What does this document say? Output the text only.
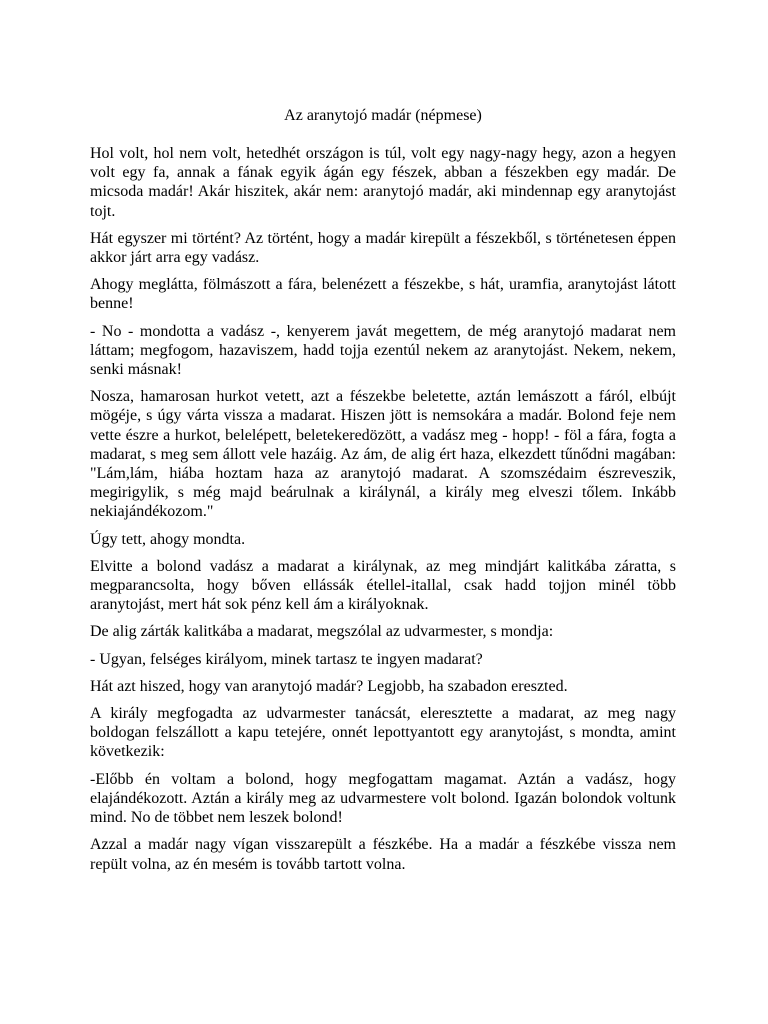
Az aranytojó madár (népmese)

Hol volt, hol nem volt, hetedhét országon is túl, volt egy nagy-nagy hegy, azon a hegyen volt egy fa, annak a fának egyik ágán egy fészek, abban a fészekben egy madár. De micsoda madár! Akár hiszitek, akár nem: aranytojó madár, aki mindennap egy aranytojást tojt.

Hát egyszer mi történt? Az történt, hogy a madár kirepült a fészekből, s történetesen éppen akkor járt arra egy vadász.

Ahogy meglátta, fölmászott a fára, belenézett a fészekbe, s hát, uramfia, aranytojást látott benne!

- No - mondotta a vadász -, kenyerem javát megettem, de még aranytojó madarat nem láttam; megfogom, hazaviszem, hadd tojja ezentúl nekem az aranytojást. Nekem, nekem, senki másnak!

Nosza, hamarosan hurkot vetett, azt a fészekbe beletette, aztán lemászott a fáról, elbújt mögéje, s úgy várta vissza a madarat. Hiszen jött is nemsokára a madár. Bolond feje nem vette észre a hurkot, belelépett, beletekeredözött, a vadász meg - hopp! - föl a fára, fogta a madarat, s meg sem állott vele hazáig. Az ám, de alig ért haza, elkezdett tűnődni magában: "Lám,lám, hiába hoztam haza az aranytojó madarat. A szomszédaim észreveszik, megirigylik, s még majd beárulnak a királynál, a király meg elveszi tőlem. Inkább nekiajándékozom."

Úgy tett, ahogy mondta.

Elvitte a bolond vadász a madarat a királynak, az meg mindjárt kalitkába záratta, s megparancsolta, hogy bőven ellássák étellel-itallal, csak hadd tojjon minél több aranytojást, mert hát sok pénz kell ám a királyoknak.

De alig zárták kalitkába a madarat, megszólal az udvarmester, s mondja:

- Ugyan, felséges királyom, minek tartasz te ingyen madarat?

Hát azt hiszed, hogy van aranytojó madár? Legjobb, ha szabadon ereszted.

A király megfogadta az udvarmester tanácsát, eleresztette a madarat, az meg nagy boldogan felszállott a kapu tetejére, onnét lepottyantott egy aranytojást, s mondta, amint következik:

-Előbb én voltam a bolond, hogy megfogattam magamat. Aztán a vadász, hogy elajándékozott. Aztán a király meg az udvarmestere volt bolond. Igazán bolondok voltunk mind. No de többet nem leszek bolond!

Azzal a madár nagy vígan visszarepült a fészkébe. Ha a madár a fészkébe vissza nem repült volna, az én mesém is tovább tartott volna.
